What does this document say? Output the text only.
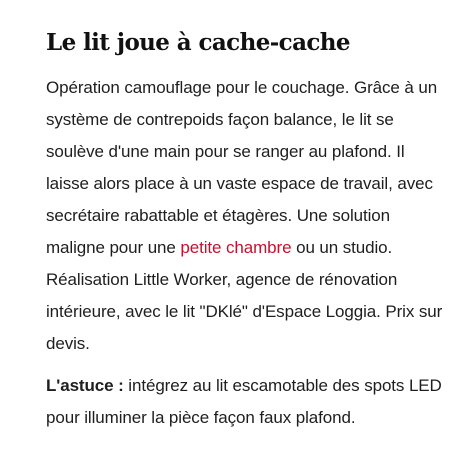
Le lit joue à cache-cache

Opération camouflage pour le couchage. Grâce à un système de contrepoids façon balance, le lit se soulève d'une main pour se ranger au plafond. Il laisse alors place à un vaste espace de travail, avec secrétaire rabattable et étagères. Une solution maligne pour une petite chambre ou un studio. Réalisation Little Worker, agence de rénovation intérieure, avec le lit "DKlé" d'Espace Loggia. Prix sur devis.

L'astuce : intégrez au lit escamotable des spots LED pour illuminer la pièce façon faux plafond.
